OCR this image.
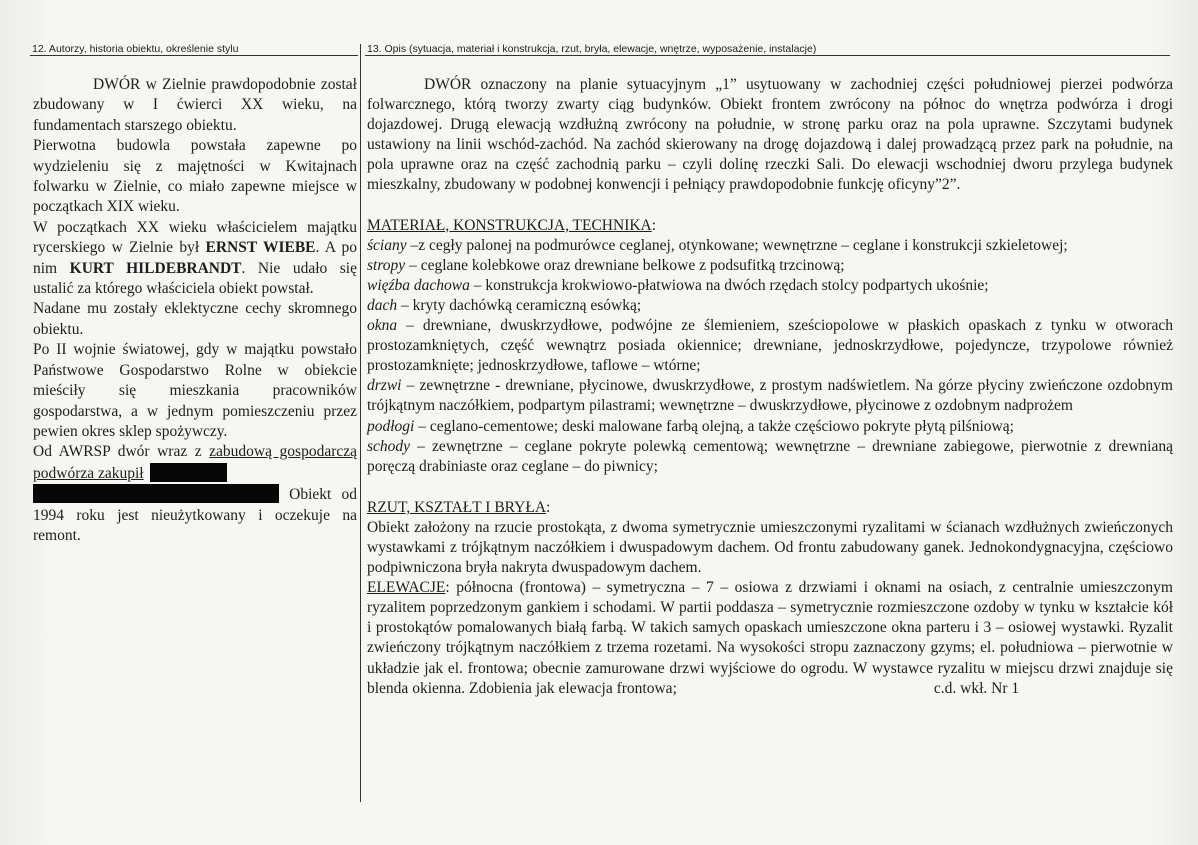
12. Autorzy, historia obiektu, określenie stylu	13. Opis (sytuacja, materiał i konstrukcja, rzut, bryła, elewacje, wnętrze, wyposażenie, instalacje)

DWÓR w Zielnie prawdopodobnie został zbudowany w I ćwierci XX wieku, na fundamentach starszego obiektu.

Pierwotna budowla powstała zapewne po wydzieleniu się z majętności w Kwitajnach folwarku w Zielnie, co miało zapewne miejsce w początkach XIX wieku.

W początkach XX wieku właścicielem majątku rycerskiego w Zielnie był ERNST WIEBE. A po nim KURT HILDEBRANDT. Nie udało się ustalić za którego właściciela obiekt powstał.

Nadane mu zostały eklektyczne cechy skromnego obiektu.

Po II wojnie światowej, gdy w majątku powstało Państwowe Gospodarstwo Rolne w obiekcie mieściły się mieszkania pracowników gospodarstwa, a w jednym pomieszczeniu przez pewien okres sklep spożywczy.

Od AWRSP dwór wraz z zabudową gospodarczą podwórza zakupił
Obiekt od 1994 roku jest nieużytkowany i oczekuje na remont.

DWÓR oznaczony na planie sytuacyjnym „1” usytuowany w zachodniej części południowej pierzei podwórza folwarcznego, którą tworzy zwarty ciąg budynków. Obiekt frontem zwrócony na północ do wnętrza podwórza i drogi dojazdowej. Drugą elewacją wzdłużną zwrócony na południe, w stronę parku oraz na pola uprawne. Szczytami budynek ustawiony na linii wschód-zachód. Na zachód skierowany na drogę dojazdową i dalej prowadzącą przez park na południe, na pola uprawne oraz na część zachodnią parku – czyli dolinę rzeczki Sali. Do elewacji wschodniej dworu przylega budynek mieszkalny, zbudowany w podobnej konwencji i pełniący prawdopodobnie funkcję oficyny”2”.

MATERIAŁ, KONSTRUKCJA, TECHNIKA:

ściany –z cegły palonej na podmurówce ceglanej, otynkowane; wewnętrzne – ceglane i konstrukcji szkieletowej;

stropy – ceglane kolebkowe oraz drewniane belkowe z podsufitką trzcinową;

więźba dachowa – konstrukcja krokwiowo-płatwiowa na dwóch rzędach stolcy podpartych ukośnie;

dach – kryty dachówką ceramiczną esówką;

okna – drewniane, dwuskrzydłowe, podwójne ze ślemieniem, sześciopolowe w płaskich opaskach z tynku w otworach prostozamkniętych, część wewnątrz posiada okiennice; drewniane, jednoskrzydłowe, pojedyncze, trzypolowe również prostozamknięte; jednoskrzydłowe, taflowe – wtórne;

drzwi – zewnętrzne - drewniane, płycinowe, dwuskrzydłowe, z prostym nadświetlem. Na górze płyciny zwieńczone ozdobnym trójkątnym naczółkiem, podpartym pilastrami; wewnętrzne – dwuskrzydłowe, płycinowe z ozdobnym nadprożem

podłogi – ceglano-cementowe; deski malowane farbą olejną, a także częściowo pokryte płytą pilśniową;

schody – zewnętrzne – ceglane pokryte polewką cementową; wewnętrzne – drewniane zabiegowe, pierwotnie z drewnianą poręczą drabiniaste oraz ceglane – do piwnicy;

RZUT, KSZTAŁT I BRYŁA:

Obiekt założony na rzucie prostokąta, z dwoma symetrycznie umieszczonymi ryzalitami w ścianach wzdłużnych zwieńczonych wystawkami z trójkątnym naczółkiem i dwuspadowym dachem. Od frontu zabudowany ganek. Jednokondygnacyjna, częściowo podpiwniczona bryła nakryta dwuspadowym dachem.

ELEWACJE: północna (frontowa) – symetryczna – 7 – osiowa z drzwiami i oknami na osiach, z centralnie umieszczonym ryzalitem poprzedzonym gankiem i schodami. W partii poddasza – symetrycznie rozmieszczone ozdoby w tynku w kształcie kół i prostokątów pomalowanych białą farbą. W takich samych opaskach umieszczone okna parteru i 3 – osiowej wystawki. Ryzalit zwieńczony trójkątnym naczółkiem z trzema rozetami. Na wysokości stropu zaznaczony gzyms; el. południowa – pierwotnie w układzie jak el. frontowa; obecnie zamurowane drzwi wyjściowe do ogrodu. W wystawce ryzalitu w miejscu drzwi znajduje się blenda okienna. Zdobienia jak elewacja frontowa;	c.d. wkł. Nr 1
